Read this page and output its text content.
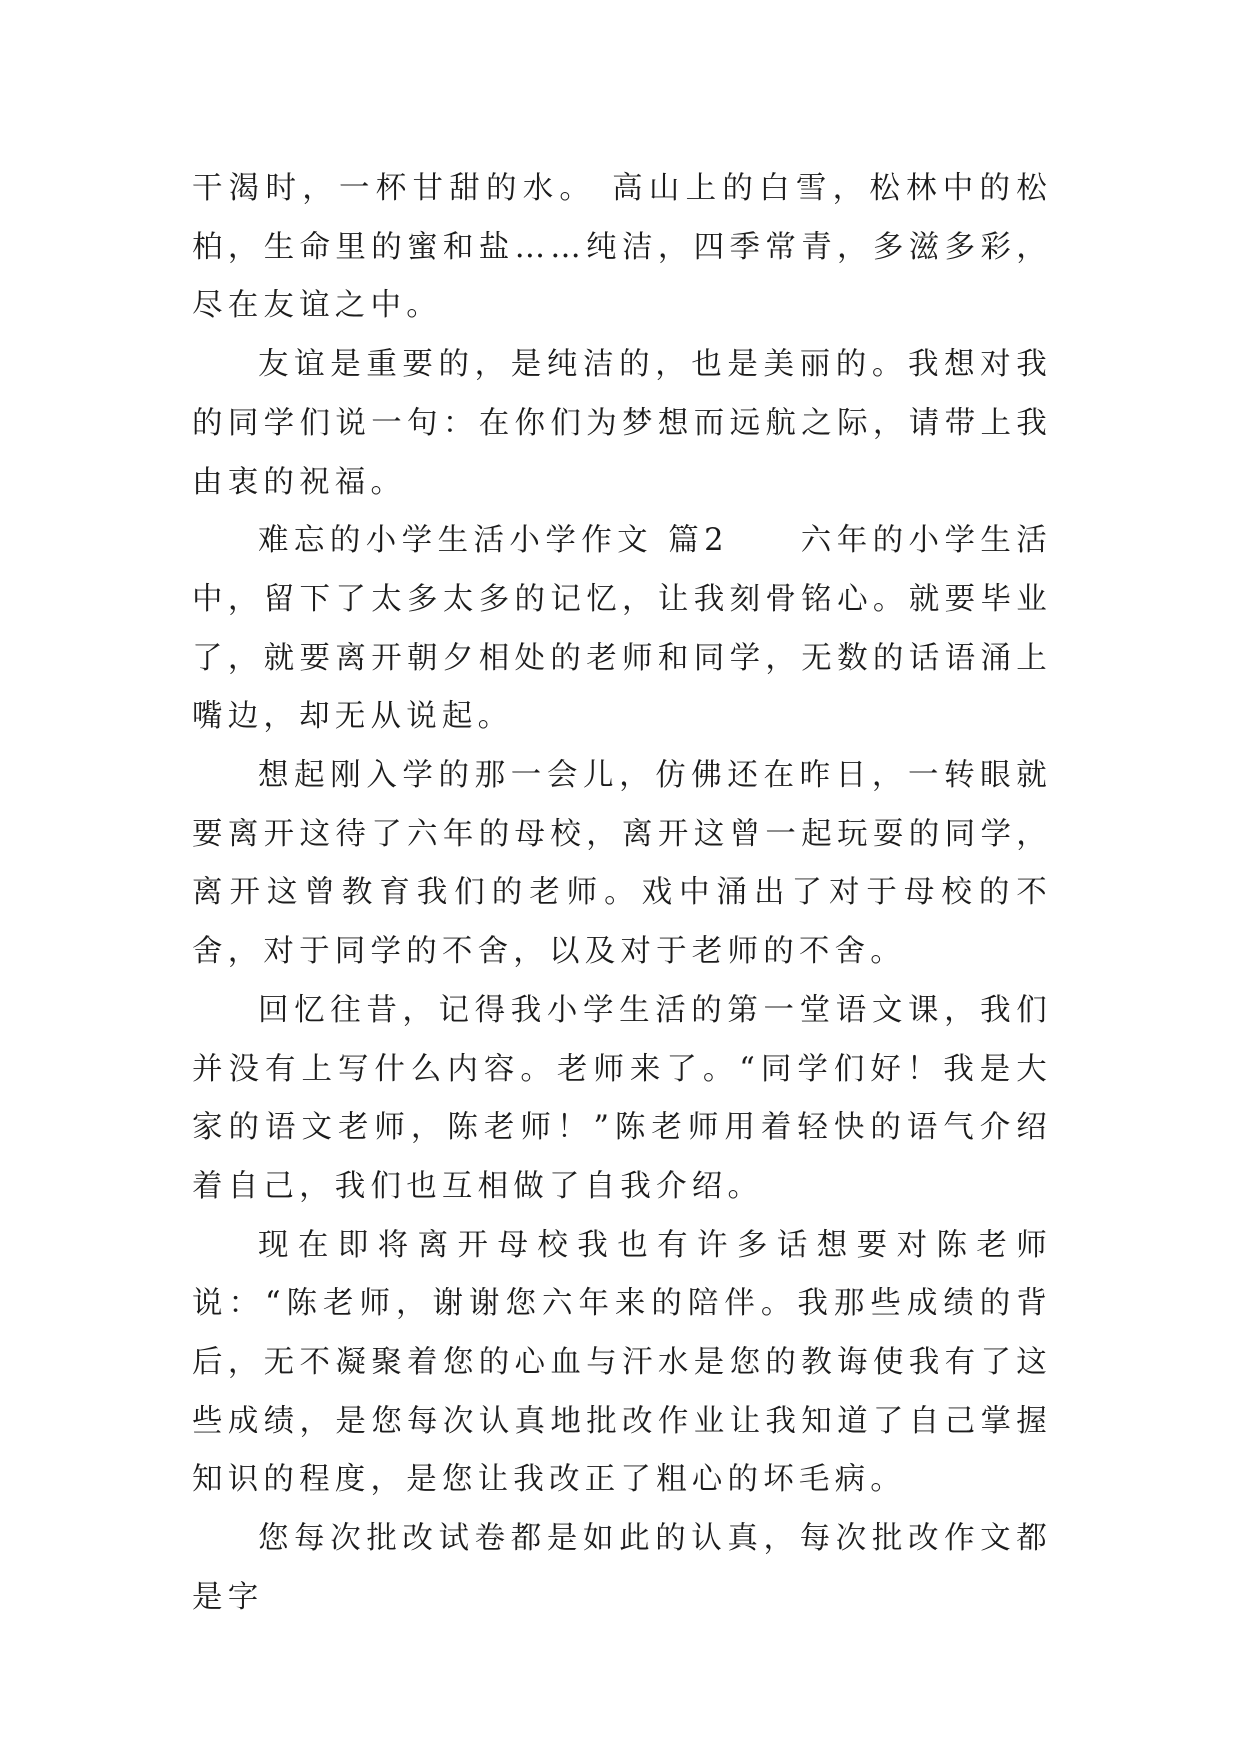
干渴时，一杯甘甜的水。 高山上的白雪，松林中的松柏，生命里的蜜和盐……纯洁，四季常青，多滋多彩，尽在友谊之中。

友谊是重要的，是纯洁的，也是美丽的。我想对我的同学们说一句：在你们为梦想而远航之际，请带上我由衷的祝福。

难忘的小学生活小学作文 篇2　　六年的小学生活中，留下了太多太多的记忆，让我刻骨铭心。就要毕业了，就要离开朝夕相处的老师和同学，无数的话语涌上嘴边，却无从说起。

想起刚入学的那一会儿，仿佛还在昨日，一转眼就要离开这待了六年的母校，离开这曾一起玩耍的同学，离开这曾教育我们的老师。戏中涌出了对于母校的不舍，对于同学的不舍，以及对于老师的不舍。

回忆往昔，记得我小学生活的第一堂语文课，我们并没有上写什么内容。老师来了。“同学们好！我是大家的语文老师，陈老师！”陈老师用着轻快的语气介绍着自己，我们也互相做了自我介绍。

现在即将离开母校我也有许多话想要对陈老师说：“陈老师，谢谢您六年来的陪伴。我那些成绩的背后，无不凝聚着您的心血与汗水是您的教诲使我有了这些成绩，是您每次认真地批改作业让我知道了自己掌握知识的程度，是您让我改正了粗心的坏毛病。

您每次批改试卷都是如此的认真，每次批改作文都是字
